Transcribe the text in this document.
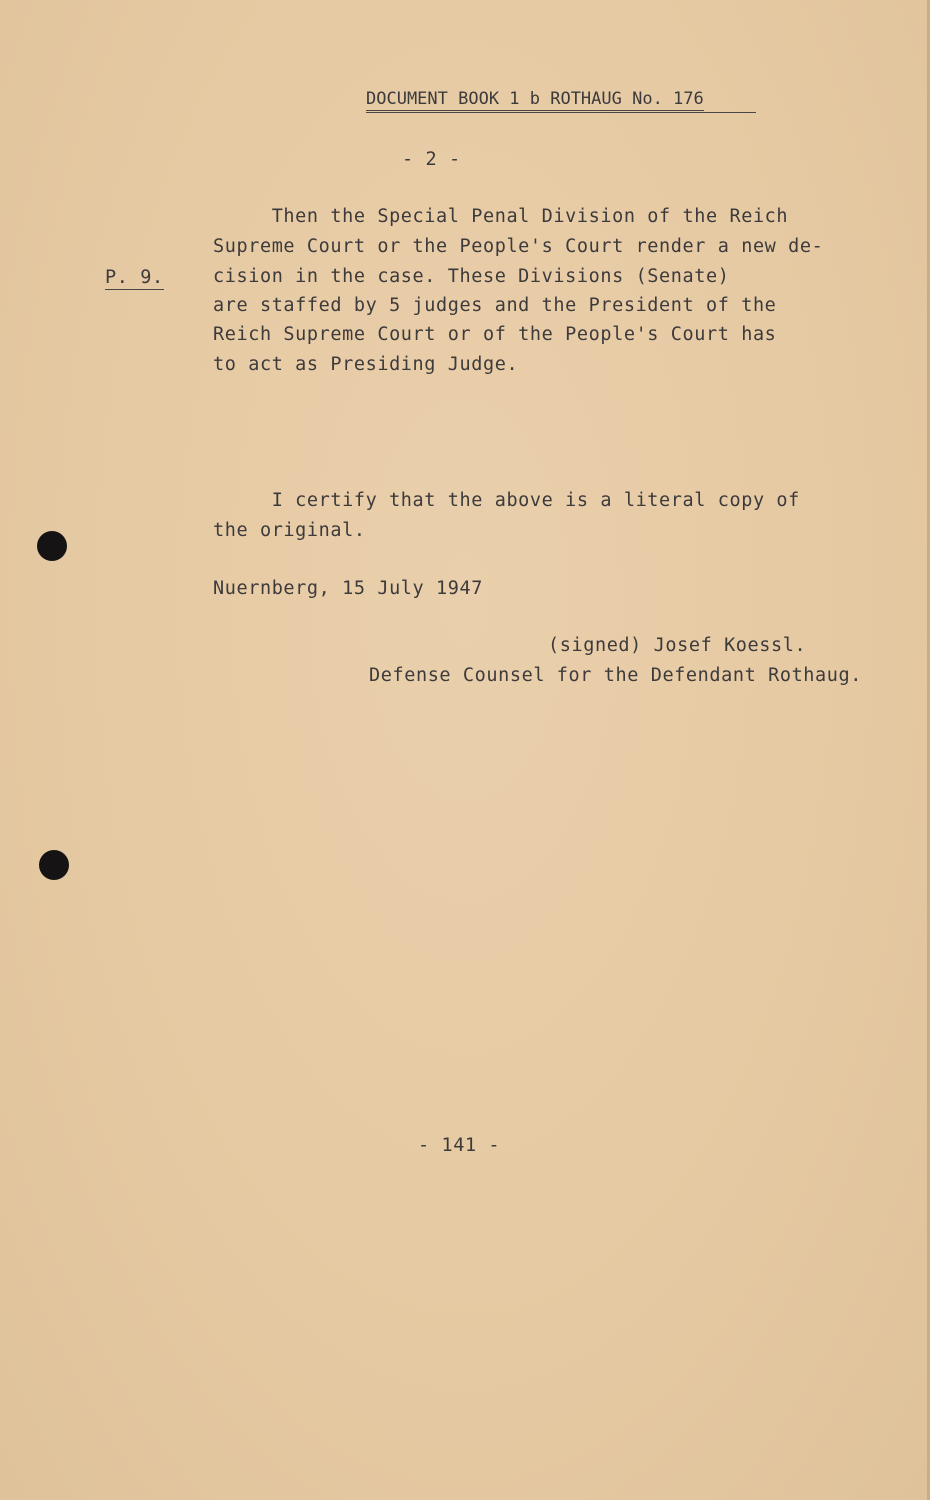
DOCUMENT BOOK 1 b ROTHAUG No. 176
- 2 -
P. 9.
Then the Special Penal Division of the Reich
Supreme Court or the People's Court render a new de-
cision in the case. These Divisions (Senate)
are staffed by 5 judges and the President of the
Reich Supreme Court or of the People's Court has
to act as Presiding Judge.
I certify that the above is a literal copy of
the original.
Nuernberg, 15 July 1947
(signed) Josef Koessl.
Defense Counsel for the Defendant Rothaug.
- 141 -
